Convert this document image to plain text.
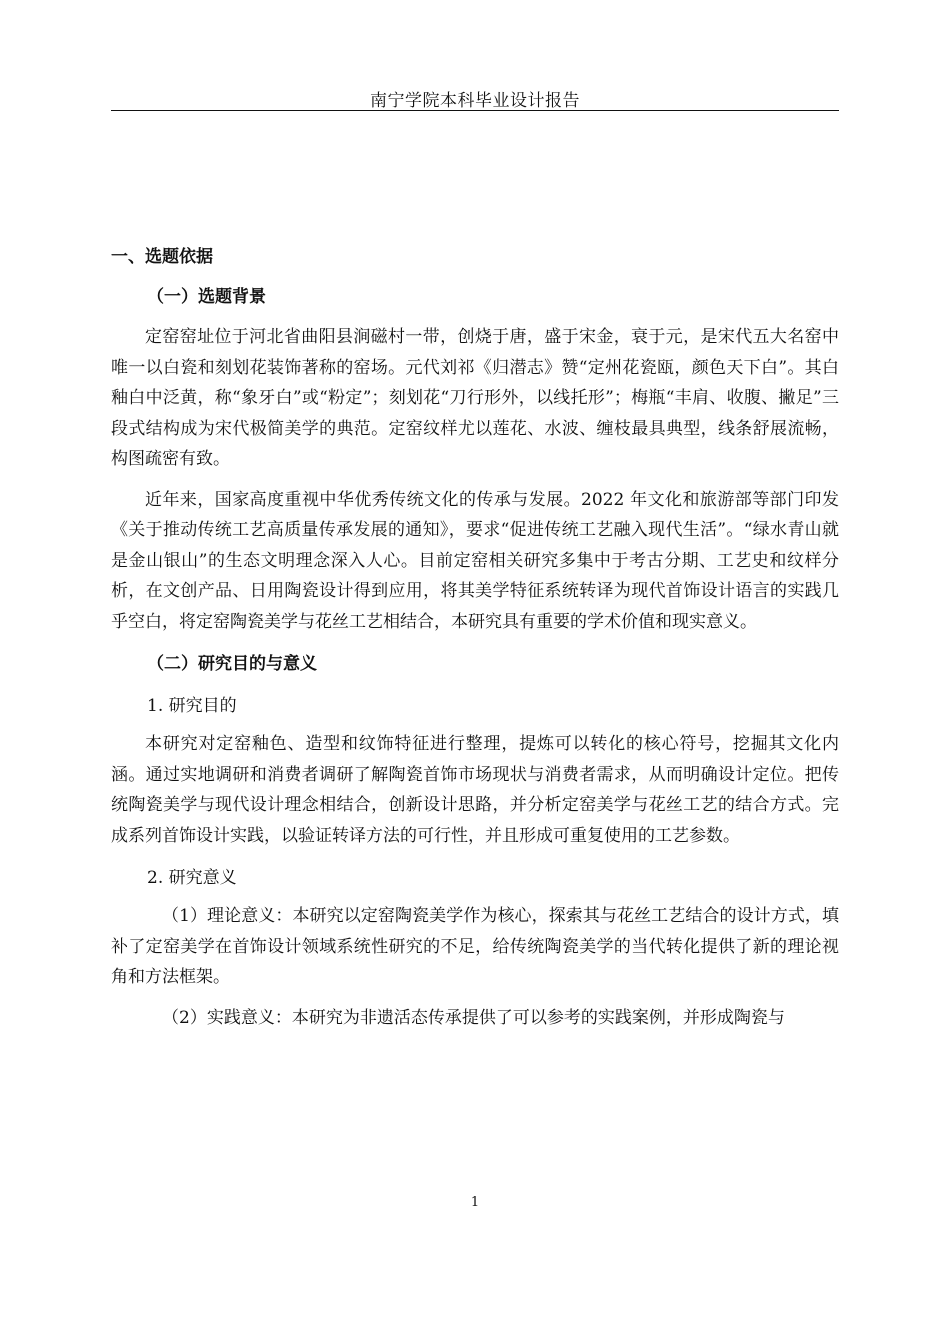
南宁学院本科毕业设计报告
一、选题依据
（一）选题背景

定窑窑址位于河北省曲阳县涧磁村一带，创烧于唐，盛于宋金，衰于元，是宋代五大名窑中唯一以白瓷和刻划花装饰著称的窑场。元代刘祁《归潜志》赞“定州花瓷瓯，颜色天下白”。其白釉白中泛黄，称“象牙白”或“粉定”；刻划花“刀行形外，以线托形”；梅瓶“丰肩、收腹、撇足”三段式结构成为宋代极简美学的典范。定窑纹样尤以莲花、水波、缠枝最具典型，线条舒展流畅，构图疏密有致。

近年来，国家高度重视中华优秀传统文化的传承与发展。2022 年文化和旅游部等部门印发《关于推动传统工艺高质量传承发展的通知》，要求“促进传统工艺融入现代生活”。“绿水青山就是金山银山”的生态文明理念深入人心。目前定窑相关研究多集中于考古分期、工艺史和纹样分析，在文创产品、日用陶瓷设计得到应用，将其美学特征系统转译为现代首饰设计语言的实践几乎空白，将定窑陶瓷美学与花丝工艺相结合，本研究具有重要的学术价值和现实意义。

（二）研究目的与意义
1. 研究目的

本研究对定窑釉色、造型和纹饰特征进行整理，提炼可以转化的核心符号，挖掘其文化内涵。通过实地调研和消费者调研了解陶瓷首饰市场现状与消费者需求，从而明确设计定位。把传统陶瓷美学与现代设计理念相结合，创新设计思路，并分析定窑美学与花丝工艺的结合方式。完成系列首饰设计实践，以验证转译方法的可行性，并且形成可重复使用的工艺参数。

2. 研究意义

（1）理论意义：本研究以定窑陶瓷美学作为核心，探索其与花丝工艺结合的设计方式，填补了定窑美学在首饰设计领域系统性研究的不足，给传统陶瓷美学的当代转化提供了新的理论视角和方法框架。

（2）实践意义：本研究为非遗活态传承提供了可以参考的实践案例，并形成陶瓷与

1
